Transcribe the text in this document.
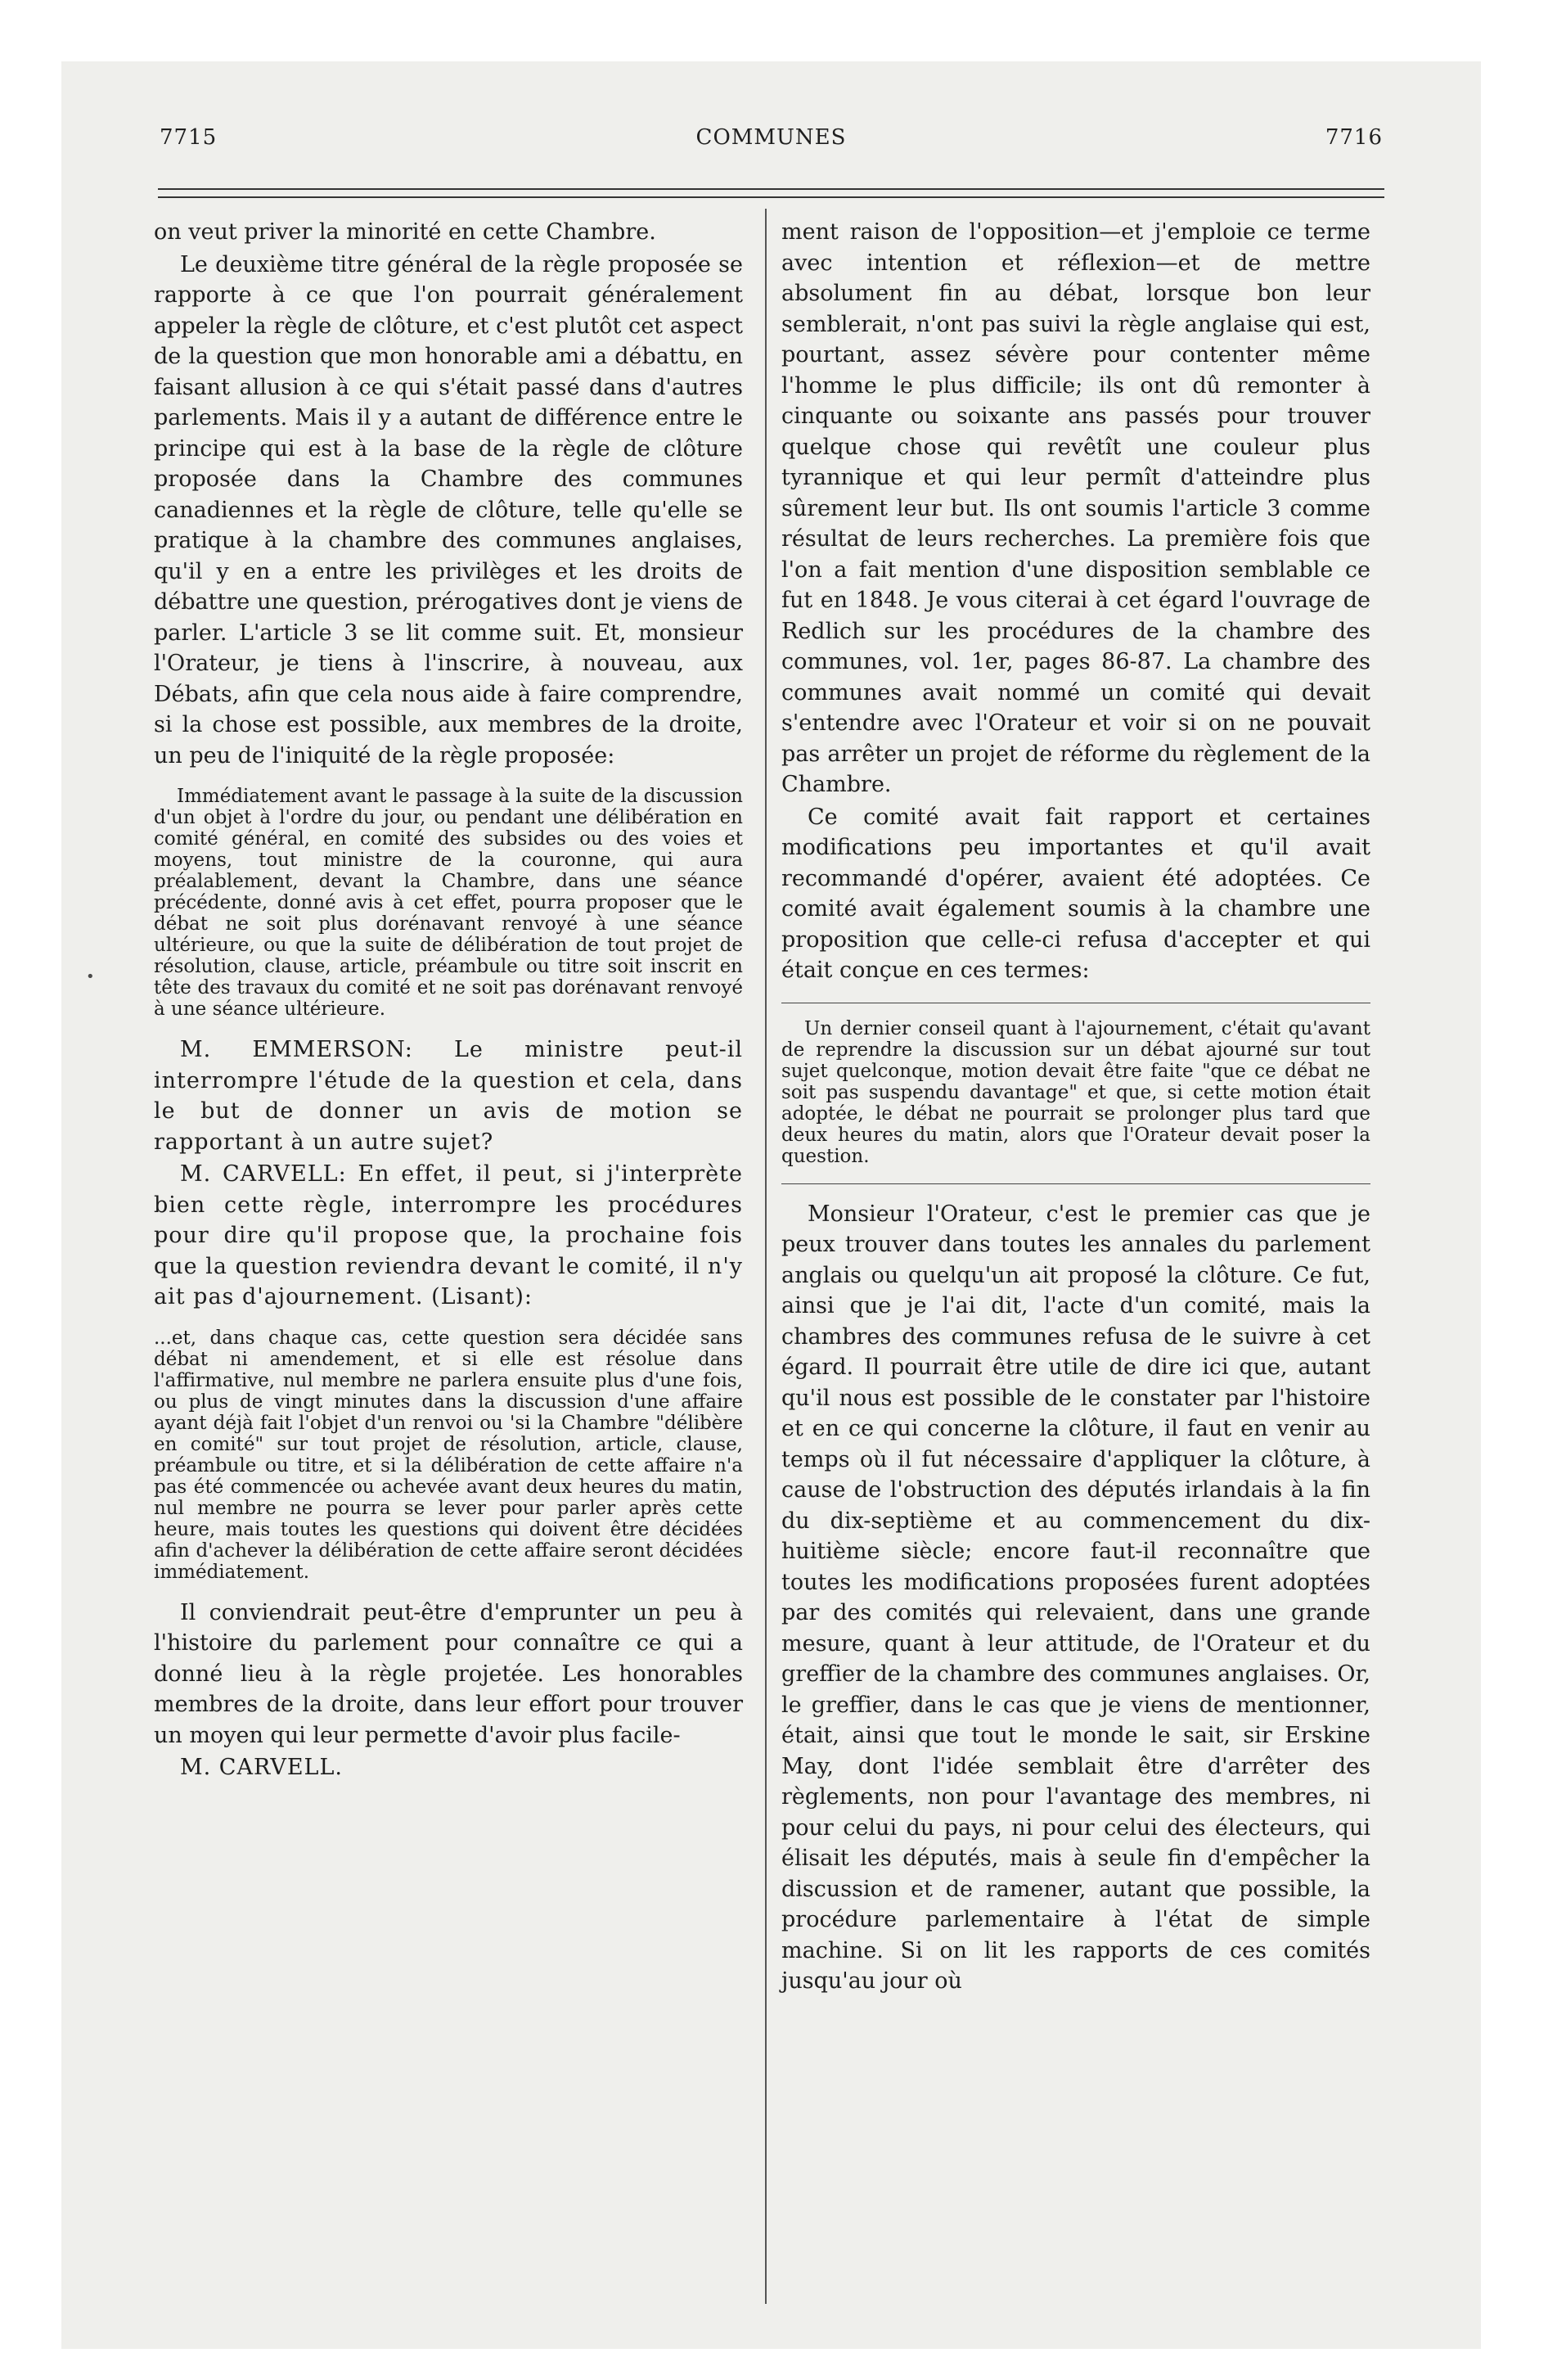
7715	COMMUNES	7716
•

on veut priver la minorité en cette Chambre.

Le deuxième titre général de la règle proposée se rapporte à ce que l'on pourrait généralement appeler la règle de clôture, et c'est plutôt cet aspect de la question que mon honorable ami a débattu, en faisant allusion à ce qui s'était passé dans d'autres parlements. Mais il y a autant de différence entre le principe qui est à la base de la règle de clôture proposée dans la Chambre des communes canadiennes et la règle de clôture, telle qu'elle se pratique à la chambre des communes anglaises, qu'il y en a entre les privilèges et les droits de débattre une question, prérogatives dont je viens de parler. L'article 3 se lit comme suit. Et, monsieur l'Orateur, je tiens à l'inscrire, à nouveau, aux Débats, afin que cela nous aide à faire comprendre, si la chose est possible, aux membres de la droite, un peu de l'iniquité de la règle proposée:

Immédiatement avant le passage à la suite de la discussion d'un objet à l'ordre du jour, ou pendant une délibération en comité général, en comité des subsides ou des voies et moyens, tout ministre de la couronne, qui aura préalablement, devant la Chambre, dans une séance précédente, donné avis à cet effet, pourra proposer que le débat ne soit plus dorénavant renvoyé à une séance ultérieure, ou que la suite de délibération de tout projet de résolution, clause, article, préambule ou titre soit inscrit en tête des travaux du comité et ne soit pas dorénavant renvoyé à une séance ultérieure.

M. EMMERSON: Le ministre peut-il interrompre l'étude de la question et cela, dans le but de donner un avis de motion se rapportant à un autre sujet?

M. CARVELL: En effet, il peut, si j'interprète bien cette règle, interrompre les procédures pour dire qu'il propose que, la prochaine fois que la question reviendra devant le comité, il n'y ait pas d'ajournement. (Lisant):

...et, dans chaque cas, cette question sera décidée sans débat ni amendement, et si elle est résolue dans l'affirmative, nul membre ne parlera ensuite plus d'une fois, ou plus de vingt minutes dans la discussion d'une affaire ayant déjà fait l'objet d'un renvoi ou 'si la Chambre "délibère en comité" sur tout projet de résolution, article, clause, préambule ou titre, et si la délibération de cette affaire n'a pas été commencée ou achevée avant deux heures du matin, nul membre ne pourra se lever pour parler après cette heure, mais toutes les questions qui doivent être décidées afin d'achever la délibération de cette affaire seront décidées immédiatement.

Il conviendrait peut-être d'emprunter un peu à l'histoire du parlement pour connaître ce qui a donné lieu à la règle projetée. Les honorables membres de la droite, dans leur effort pour trouver un moyen qui leur permette d'avoir plus facile-

M. CARVELL.

ment raison de l'opposition—et j'emploie ce terme avec intention et réflexion—et de mettre absolument fin au débat, lorsque bon leur semblerait, n'ont pas suivi la règle anglaise qui est, pourtant, assez sévère pour contenter même l'homme le plus difficile; ils ont dû remonter à cinquante ou soixante ans passés pour trouver quelque chose qui revêtît une couleur plus tyrannique et qui leur permît d'atteindre plus sûrement leur but. Ils ont soumis l'article 3 comme résultat de leurs recherches. La première fois que l'on a fait mention d'une disposition semblable ce fut en 1848. Je vous citerai à cet égard l'ouvrage de Redlich sur les procédures de la chambre des communes, vol. 1er, pages 86-87. La chambre des communes avait nommé un comité qui devait s'entendre avec l'Orateur et voir si on ne pouvait pas arrêter un projet de réforme du règlement de la Chambre.

Ce comité avait fait rapport et certaines modifications peu importantes et qu'il avait recommandé d'opérer, avaient été adoptées. Ce comité avait également soumis à la chambre une proposition que celle-ci refusa d'accepter et qui était conçue en ces termes:

Un dernier conseil quant à l'ajournement, c'était qu'avant de reprendre la discussion sur un débat ajourné sur tout sujet quelconque, motion devait être faite "que ce débat ne soit pas suspendu davantage" et que, si cette motion était adoptée, le débat ne pourrait se prolonger plus tard que deux heures du matin, alors que l'Orateur devait poser la question.

Monsieur l'Orateur, c'est le premier cas que je peux trouver dans toutes les annales du parlement anglais ou quelqu'un ait proposé la clôture. Ce fut, ainsi que je l'ai dit, l'acte d'un comité, mais la chambres des communes refusa de le suivre à cet égard. Il pourrait être utile de dire ici que, autant qu'il nous est possible de le constater par l'histoire et en ce qui concerne la clôture, il faut en venir au temps où il fut nécessaire d'appliquer la clôture, à cause de l'obstruction des députés irlandais à la fin du dix-septième et au commencement du dix-huitième siècle; encore faut-il reconnaître que toutes les modifications proposées furent adoptées par des comités qui relevaient, dans une grande mesure, quant à leur attitude, de l'Orateur et du greffier de la chambre des communes anglaises. Or, le greffier, dans le cas que je viens de mentionner, était, ainsi que tout le monde le sait, sir Erskine May, dont l'idée semblait être d'arrêter des règlements, non pour l'avantage des membres, ni pour celui du pays, ni pour celui des électeurs, qui élisait les députés, mais à seule fin d'empêcher la discussion et de ramener, autant que possible, la procédure parlementaire à l'état de simple machine. Si on lit les rapports de ces comités jusqu'au jour où
